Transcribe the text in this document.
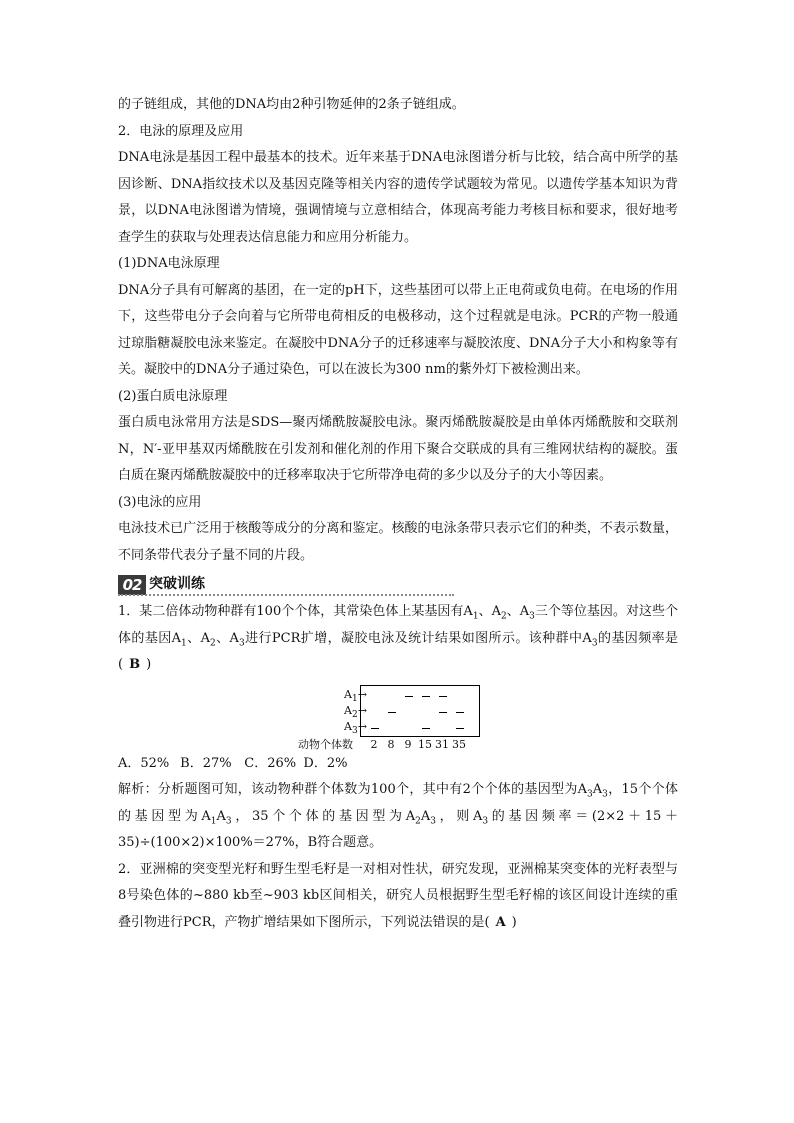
的子链组成，其他的DNA均由2种引物延伸的2条子链组成。

2．电泳的原理及应用

DNA电泳是基因工程中最基本的技术。近年来基于DNA电泳图谱分析与比较，结合高中所学的基因诊断、DNA指纹技术以及基因克隆等相关内容的遗传学试题较为常见。以遗传学基本知识为背景，以DNA电泳图谱为情境，强调情境与立意相结合，体现高考能力考核目标和要求，很好地考查学生的获取与处理表达信息能力和应用分析能力。

(1)DNA电泳原理

DNA分子具有可解离的基团，在一定的pH下，这些基团可以带上正电荷或负电荷。在电场的作用下，这些带电分子会向着与它所带电荷相反的电极移动，这个过程就是电泳。PCR的产物一般通过琼脂糖凝胶电泳来鉴定。在凝胶中DNA分子的迁移速率与凝胶浓度、DNA分子大小和构象等有关。凝胶中的DNA分子通过染色，可以在波长为300 nm的紫外灯下被检测出来。

(2)蛋白质电泳原理

蛋白质电泳常用方法是SDS—聚丙烯酰胺凝胶电泳。聚丙烯酰胺凝胶是由单体丙烯酰胺和交联剂N，N′-亚甲基双丙烯酰胺在引发剂和催化剂的作用下聚合交联成的具有三维网状结构的凝胶。蛋白质在聚丙烯酰胺凝胶中的迁移率取决于它所带净电荷的多少以及分子的大小等因素。

(3)电泳的应用

电泳技术已广泛用于核酸等成分的分离和鉴定。核酸的电泳条带只表示它们的种类，不表示数量，不同条带代表分子量不同的片段。

02 突破训练

1．某二倍体动物种群有100个个体，其常染色体上某基因有$A_1$、$A_2$、$A_3$三个等位基因。对这些个体的基因$A_1$、$A_2$、$A_3$进行PCR扩增，凝胶电泳及统计结果如图所示。该种群中$A_3$的基因频率是( B )

$A_1\to$
$A_2\to$
$A_3\to$
动物个体数	2 8 9 15 31 35

A．52% B．27% C．26% D．2%

解析：分析题图可知，该动物种群个体数为100个，其中有2个个体的基因型为$A_3A_3$，15个个体的基因型为$A_1A_3$，35个个体的基因型为$A_2A_3$，则$A_3$的基因频率＝(2×2＋15＋35)÷(100×2)×100%＝27%，B符合题意。

2．亚洲棉的突变型光籽和野生型毛籽是一对相对性状，研究发现，亚洲棉某突变体的光籽表型与8号染色体的~880 kb至~903 kb区间相关，研究人员根据野生型毛籽棉的该区间设计连续的重叠引物进行PCR，产物扩增结果如下图所示，下列说法错误的是( A )
